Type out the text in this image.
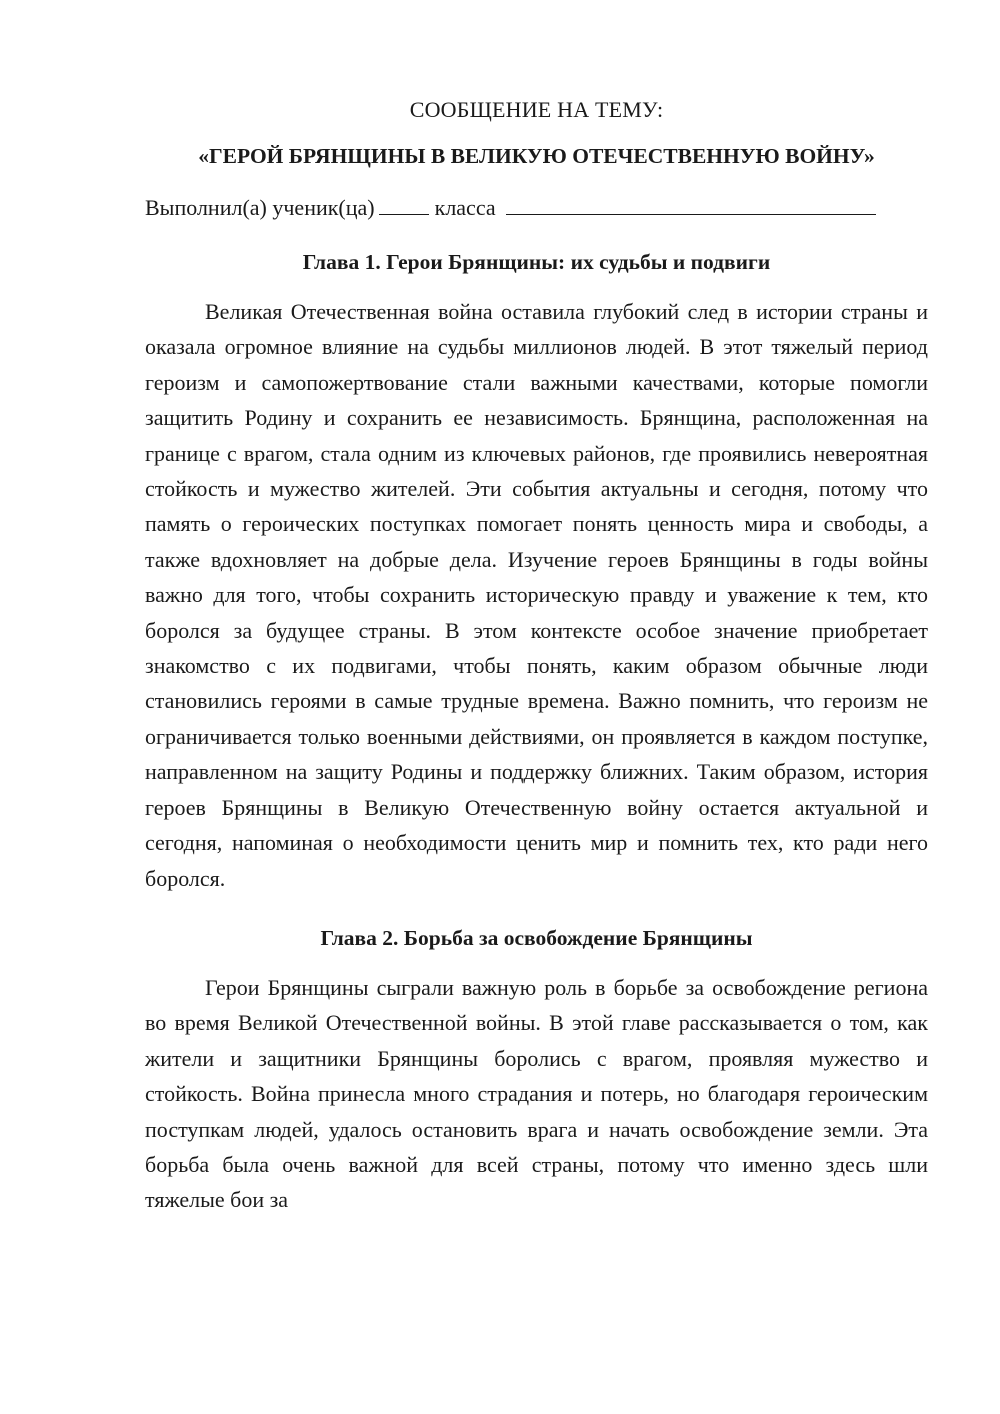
СООБЩЕНИЕ НА ТЕМУ:

«ГЕРОЙ БРЯНЩИНЫ В ВЕЛИКУЮ ОТЕЧЕСТВЕННУЮ ВОЙНУ»

Выполнил(а) ученик(ца)	класса
Глава 1. Герои Брянщины: их судьбы и подвиги

Великая Отечественная война оставила глубокий след в истории страны и оказала огромное влияние на судьбы миллионов людей. В этот тяжелый период героизм и самопожертвование стали важными качествами, которые помогли защитить Родину и сохранить ее независимость. Брянщина, расположенная на границе с врагом, стала одним из ключевых районов, где проявились невероятная стойкость и мужество жителей. Эти события актуальны и сегодня, потому что память о героических поступках помогает понять ценность мира и свободы, а также вдохновляет на добрые дела. Изучение героев Брянщины в годы войны важно для того, чтобы сохранить историческую правду и уважение к тем, кто боролся за будущее страны. В этом контексте особое значение приобретает знакомство с их подвигами, чтобы понять, каким образом обычные люди становились героями в самые трудные времена. Важно помнить, что героизм не ограничивается только военными действиями, он проявляется в каждом поступке, направленном на защиту Родины и поддержку ближних. Таким образом, история героев Брянщины в Великую Отечественную войну остается актуальной и сегодня, напоминая о необходимости ценить мир и помнить тех, кто ради него боролся.

Глава 2. Борьба за освобождение Брянщины

Герои Брянщины сыграли важную роль в борьбе за освобождение региона во время Великой Отечественной войны. В этой главе рассказывается о том, как жители и защитники Брянщины боролись с врагом, проявляя мужество и стойкость. Война принесла много страдания и потерь, но благодаря героическим поступкам людей, удалось остановить врага и начать освобождение земли. Эта борьба была очень важной для всей страны, потому что именно здесь шли тяжелые бои за
